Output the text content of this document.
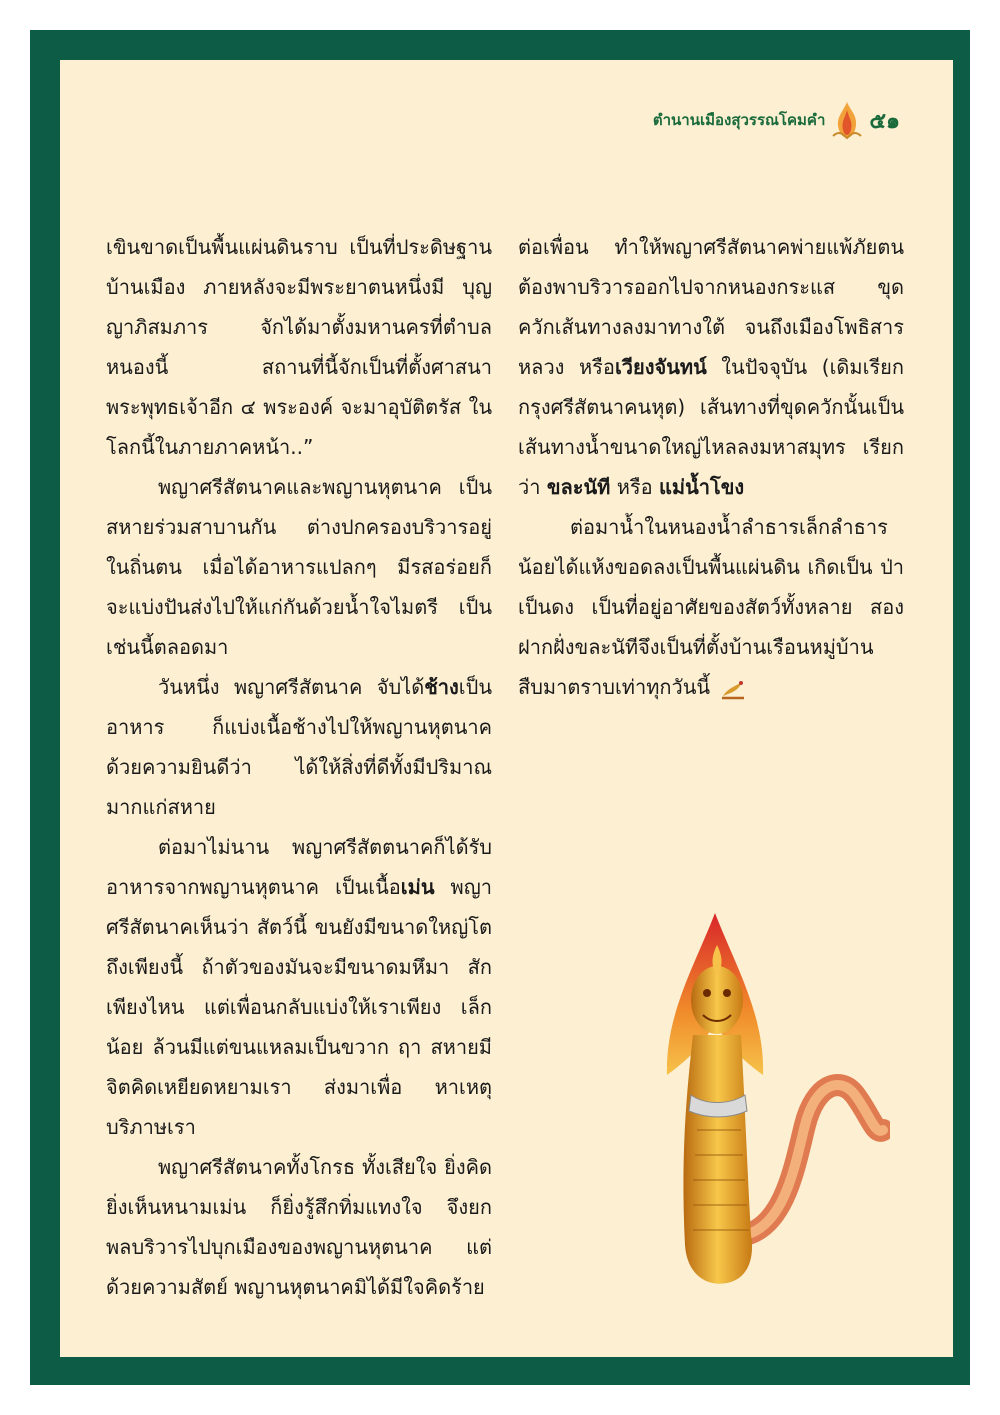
ตำนานเมืองสุวรรณโคมคำ ๕๑

เขินขาดเป็นพื้นแผ่นดินราบ เป็นที่ประดิษฐาน บ้านเมือง ภายหลังจะมีพระยาตนหนึ่งมี บุญญาภิสมภาร จักได้มาตั้งมหานครที่ตำบล หนองนี้ สถานที่นี้จักเป็นที่ตั้งศาสนา พระพุทธเจ้าอีก ๔ พระองค์ จะมาอุบัติตรัส ในโลกนี้ในภายภาคหน้า..”

พญาศรีสัตนาคและพญานหุตนาค เป็น สหายร่วมสาบานกัน ต่างปกครองบริวารอยู่ ในถิ่นตน เมื่อได้อาหารแปลกๆ มีรสอร่อยก็ จะแบ่งปันส่งไปให้แก่กันด้วยน้ำใจไมตรี เป็น เช่นนี้ตลอดมา

วันหนึ่ง พญาศรีสัตนาค จับได้ช้างเป็น อาหาร ก็แบ่งเนื้อช้างไปให้พญานหุตนาค ด้วยความยินดีว่า ได้ให้สิ่งที่ดีทั้งมีปริมาณ มากแก่สหาย

ต่อมาไม่นาน พญาศรีสัตตนาคก็ได้รับ อาหารจากพญานหุตนาค เป็นเนื้อเม่น พญา ศรีสัตนาคเห็นว่า สัตว์นี้ ขนยังมีขนาดใหญ่โต ถึงเพียงนี้ ถ้าตัวของมันจะมีขนาดมหึมา สักเพียงไหน แต่เพื่อนกลับแบ่งให้เราเพียง เล็กน้อย ล้วนมีแต่ขนแหลมเป็นขวาก ฤา สหายมีจิตคิดเหยียดหยามเรา ส่งมาเพื่อ หาเหตุบริภาษเรา

พญาศรีสัตนาคทั้งโกรธ ทั้งเสียใจ ยิ่งคิด ยิ่งเห็นหนามเม่น ก็ยิ่งรู้สึกทิ่มแทงใจ จึงยก พลบริวารไปบุกเมืองของพญานหุตนาค แต่ ด้วยความสัตย์ พญานหุตนาคมิได้มีใจคิดร้าย

ต่อเพื่อน ทำให้พญาศรีสัตนาคพ่ายแพ้ภัยตน ต้องพาบริวารออกไปจากหนองกระแส ขุด ควักเส้นทางลงมาทางใต้ จนถึงเมืองโพธิสาร หลวง หรือเวียงจันทน์ ในปัจจุบัน (เดิมเรียก กรุงศรีสัตนาคนหุต) เส้นทางที่ขุดควักนั้นเป็น เส้นทางน้ำขนาดใหญ่ไหลลงมหาสมุทร เรียกว่า ขละนัที หรือ แม่น้ำโขง

ต่อมาน้ำในหนองน้ำลำธารเล็กลำธาร น้อยได้แห้งขอดลงเป็นพื้นแผ่นดิน เกิดเป็น ป่าเป็นดง เป็นที่อยู่อาศัยของสัตว์ทั้งหลาย สองฝากฝั่งขละนัทีจึงเป็นที่ตั้งบ้านเรือนหมู่บ้าน สืบมาตราบเท่าทุกวันนี้
